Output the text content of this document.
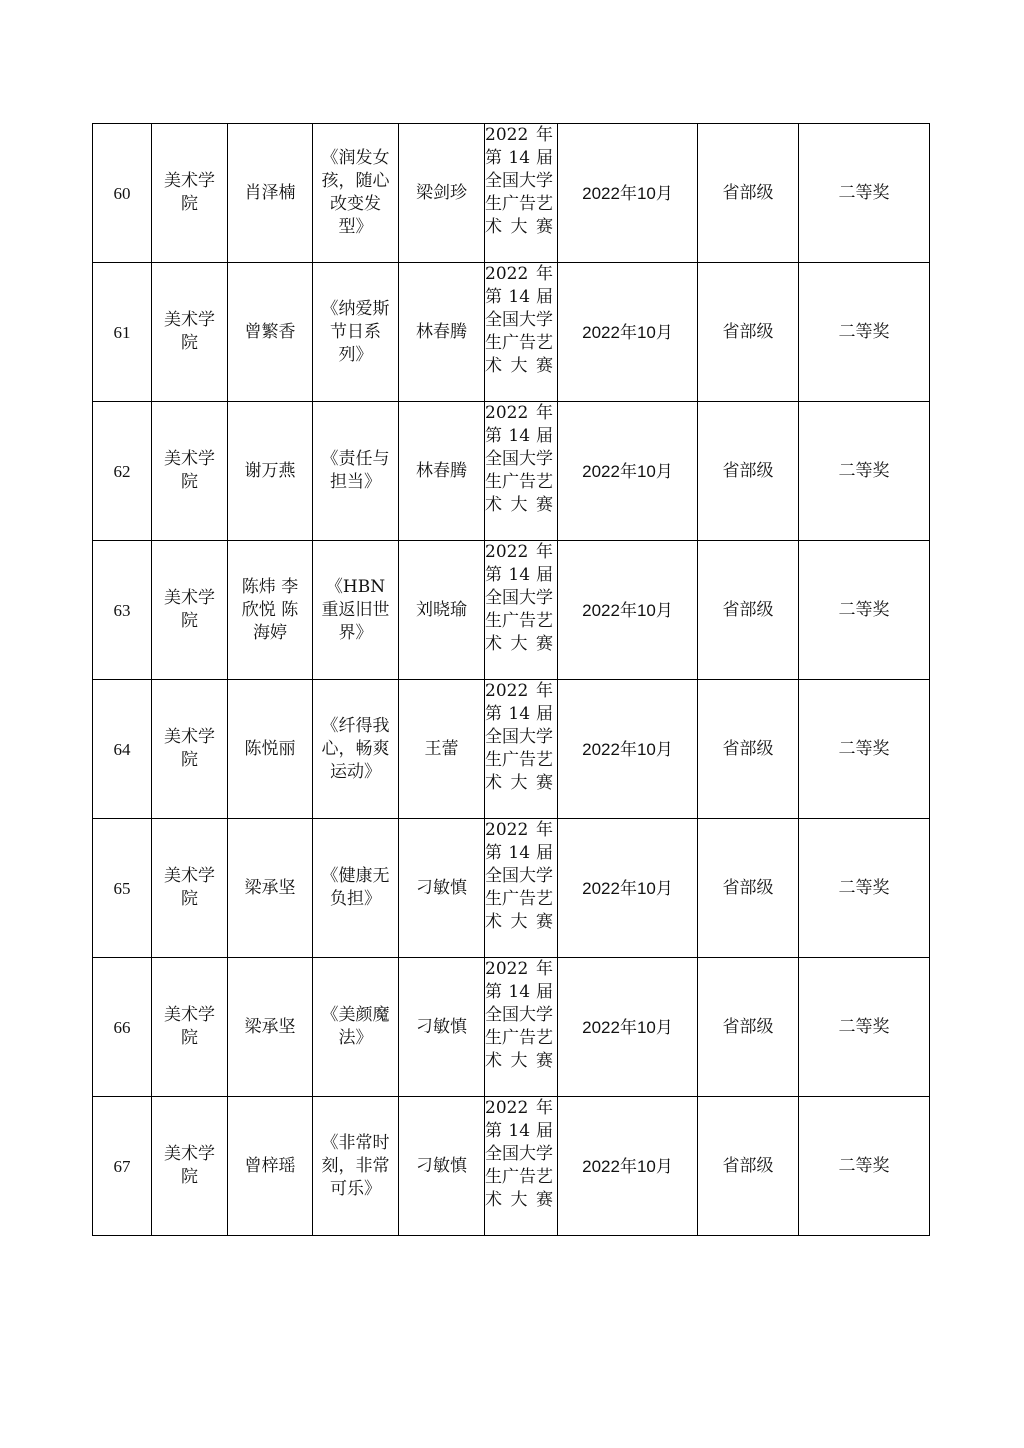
60	美术学院	肖泽楠	《润发女孩，随心改变发型》	梁剑珍	2022 年第 14 届全国大学生广告艺术大赛	2022年10月	省部级	二等奖
61	美术学院	曾繁香	《纳爱斯节日系列》	林春腾	2022 年第 14 届全国大学生广告艺术大赛	2022年10月	省部级	二等奖
62	美术学院	谢万燕	《责任与担当》	林春腾	2022 年第 14 届全国大学生广告艺术大赛	2022年10月	省部级	二等奖
63	美术学院	陈炜 李欣悦 陈海婷	《HBN重返旧世界》	刘晓瑜	2022 年第 14 届全国大学生广告艺术大赛	2022年10月	省部级	二等奖
64	美术学院	陈悦丽	《纤得我心，畅爽运动》	王蕾	2022 年第 14 届全国大学生广告艺术大赛	2022年10月	省部级	二等奖
65	美术学院	梁承坚	《健康无负担》	刁敏慎	2022 年第 14 届全国大学生广告艺术大赛	2022年10月	省部级	二等奖
66	美术学院	梁承坚	《美颜魔法》	刁敏慎	2022 年第 14 届全国大学生广告艺术大赛	2022年10月	省部级	二等奖
67	美术学院	曾梓瑶	《非常时刻，非常可乐》	刁敏慎	2022 年第 14 届全国大学生广告艺术大赛	2022年10月	省部级	二等奖
